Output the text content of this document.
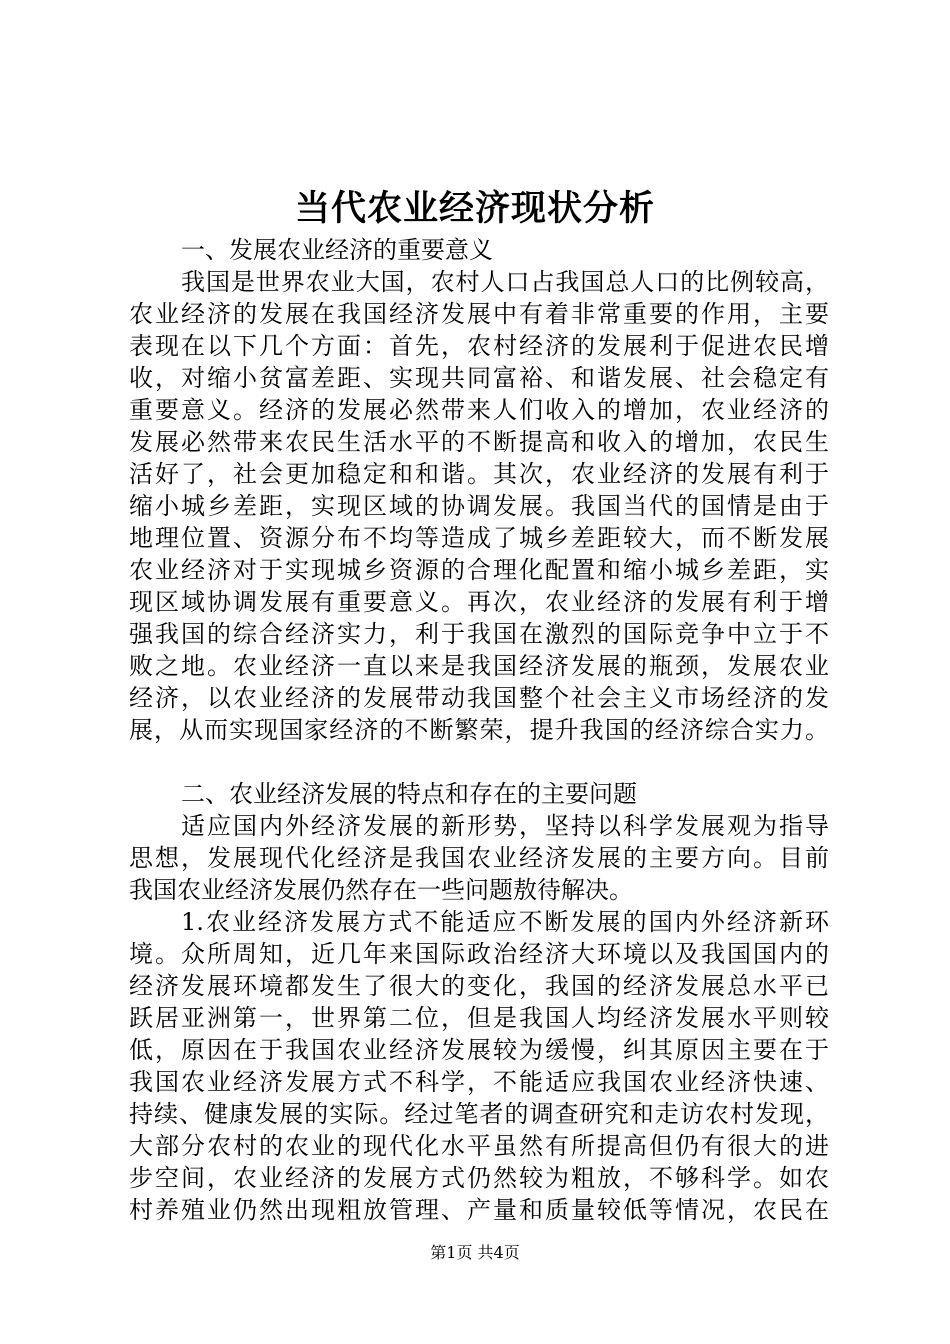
当代农业经济现状分析
一、发展农业经济的重要意义
我国是世界农业大国，农村人口占我国总人口的比例较高，
农业经济的发展在我国经济发展中有着非常重要的作用，主要
表现在以下几个方面：首先，农村经济的发展利于促进农民增
收，对缩小贫富差距、实现共同富裕、和谐发展、社会稳定有
重要意义。经济的发展必然带来人们收入的增加，农业经济的
发展必然带来农民生活水平的不断提高和收入的增加，农民生
活好了，社会更加稳定和和谐。其次，农业经济的发展有利于
缩小城乡差距，实现区域的协调发展。我国当代的国情是由于
地理位置、资源分布不均等造成了城乡差距较大，而不断发展
农业经济对于实现城乡资源的合理化配置和缩小城乡差距，实
现区域协调发展有重要意义。再次，农业经济的发展有利于增
强我国的综合经济实力，利于我国在激烈的国际竞争中立于不
败之地。农业经济一直以来是我国经济发展的瓶颈，发展农业
经济，以农业经济的发展带动我国整个社会主义市场经济的发
展，从而实现国家经济的不断繁荣，提升我国的经济综合实力。
二、农业经济发展的特点和存在的主要问题
适应国内外经济发展的新形势，坚持以科学发展观为指导
思想，发展现代化经济是我国农业经济发展的主要方向。目前
我国农业经济发展仍然存在一些问题敖待解决。
1.农业经济发展方式不能适应不断发展的国内外经济新环
境。众所周知，近几年来国际政治经济大环境以及我国国内的
经济发展环境都发生了很大的变化，我国的经济发展总水平已
跃居亚洲第一，世界第二位，但是我国人均经济发展水平则较
低，原因在于我国农业经济发展较为缓慢，纠其原因主要在于
我国农业经济发展方式不科学，不能适应我国农业经济快速、
持续、健康发展的实际。经过笔者的调查研究和走访农村发现，
大部分农村的农业的现代化水平虽然有所提高但仍有很大的进
步空间，农业经济的发展方式仍然较为粗放，不够科学。如农
村养殖业仍然出现粗放管理、产量和质量较低等情况，农民在
第1页 共4页
